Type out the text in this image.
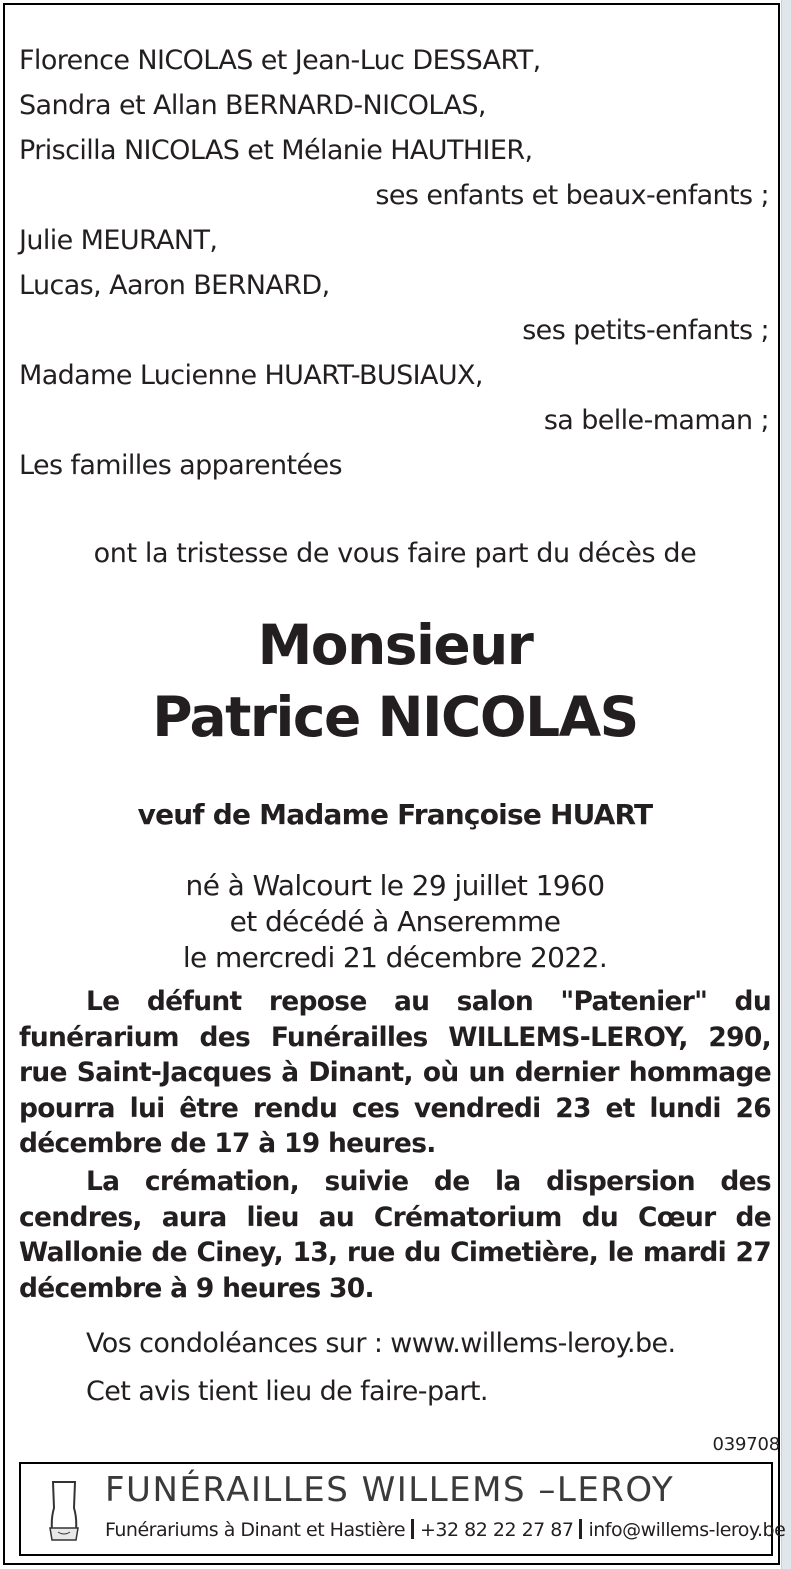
Florence NICOLAS et Jean-Luc DESSART,
Sandra et Allan BERNARD-NICOLAS,
Priscilla NICOLAS et Mélanie HAUTHIER,
ses enfants et beaux-enfants ;
Julie MEURANT,
Lucas, Aaron BERNARD,
ses petits-enfants ;
Madame Lucienne HUART-BUSIAUX,
sa belle-maman ;
Les familles apparentées
ont la tristesse de vous faire part du décès de
Monsieur
Patrice NICOLAS
veuf de Madame Françoise HUART
né à Walcourt le 29 juillet 1960
et décédé à Anseremme
le mercredi 21 décembre 2022.
Le défunt repose au salon "Patenier" du funérarium des Funérailles WILLEMS-LEROY, 290, rue Saint-Jacques à Dinant, où un dernier hommage pourra lui être rendu ces vendredi 23 et lundi 26 décembre de 17 à 19 heures.
La crémation, suivie de la dispersion des cendres, aura lieu au Crématorium du Cœur de Wallonie de Ciney, 13, rue du Cimetière, le mardi 27 décembre à 9 heures 30.
Vos condoléances sur : www.willems-leroy.be.
Cet avis tient lieu de faire-part.
039708
FUNÉRAILLES WILLEMS –LEROY
Funérariums à Dinant et Hastière +32 82 22 27 87 info@willems-leroy.be
